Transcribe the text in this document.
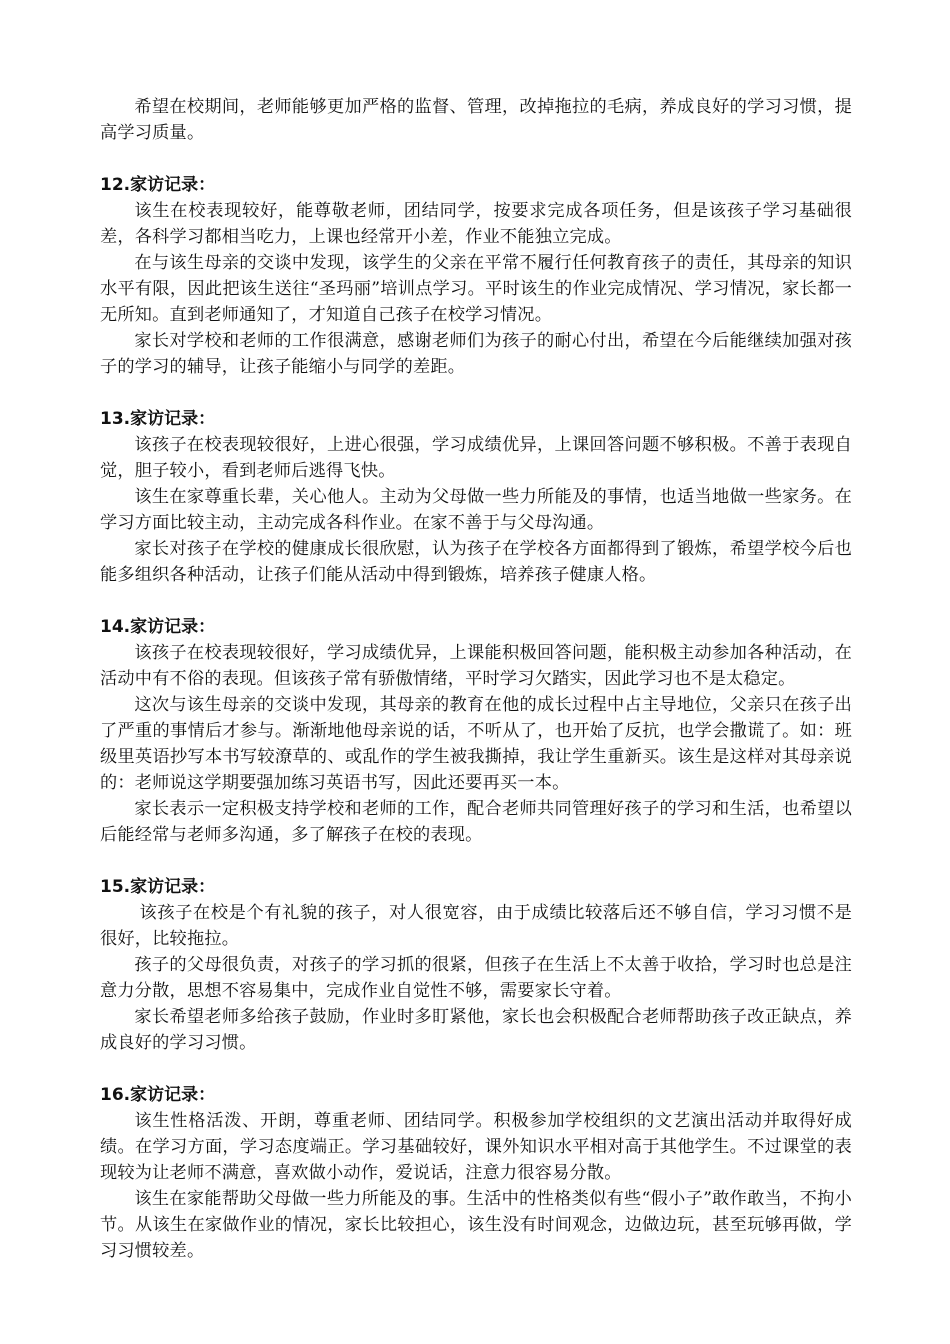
希望在校期间，老师能够更加严格的监督、管理，改掉拖拉的毛病，养成良好的学习习惯，提高学习质量。

12.家访记录：

该生在校表现较好，能尊敬老师，团结同学，按要求完成各项任务，但是该孩子学习基础很差，各科学习都相当吃力，上课也经常开小差，作业不能独立完成。

在与该生母亲的交谈中发现，该学生的父亲在平常不履行任何教育孩子的责任，其母亲的知识水平有限，因此把该生送往“圣玛丽”培训点学习。平时该生的作业完成情况、学习情况，家长都一无所知。直到老师通知了，才知道自己孩子在校学习情况。

家长对学校和老师的工作很满意，感谢老师们为孩子的耐心付出，希望在今后能继续加强对孩子的学习的辅导，让孩子能缩小与同学的差距。

13.家访记录：

该孩子在校表现较很好，上进心很强，学习成绩优异，上课回答问题不够积极。不善于表现自觉，胆子较小，看到老师后逃得飞快。

该生在家尊重长辈，关心他人。主动为父母做一些力所能及的事情，也适当地做一些家务。在学习方面比较主动，主动完成各科作业。在家不善于与父母沟通。

家长对孩子在学校的健康成长很欣慰，认为孩子在学校各方面都得到了锻炼，希望学校今后也能多组织各种活动，让孩子们能从活动中得到锻炼，培养孩子健康人格。

14.家访记录：

该孩子在校表现较很好，学习成绩优异，上课能积极回答问题，能积极主动参加各种活动，在活动中有不俗的表现。但该孩子常有骄傲情绪，平时学习欠踏实，因此学习也不是太稳定。

这次与该生母亲的交谈中发现，其母亲的教育在他的成长过程中占主导地位，父亲只在孩子出了严重的事情后才参与。渐渐地他母亲说的话，不听从了，也开始了反抗，也学会撒谎了。如：班级里英语抄写本书写较潦草的、或乱作的学生被我撕掉，我让学生重新买。该生是这样对其母亲说的：老师说这学期要强加练习英语书写，因此还要再买一本。

家长表示一定积极支持学校和老师的工作，配合老师共同管理好孩子的学习和生活，也希望以后能经常与老师多沟通，多了解孩子在校的表现。

15.家访记录：

该孩子在校是个有礼貌的孩子，对人很宽容，由于成绩比较落后还不够自信，学习习惯不是很好，比较拖拉。

孩子的父母很负责，对孩子的学习抓的很紧，但孩子在生活上不太善于收拾，学习时也总是注意力分散，思想不容易集中，完成作业自觉性不够，需要家长守着。

家长希望老师多给孩子鼓励，作业时多盯紧他，家长也会积极配合老师帮助孩子改正缺点，养成良好的学习习惯。

16.家访记录：

该生性格活泼、开朗，尊重老师、团结同学。积极参加学校组织的文艺演出活动并取得好成绩。在学习方面，学习态度端正。学习基础较好，课外知识水平相对高于其他学生。不过课堂的表现较为让老师不满意，喜欢做小动作，爱说话，注意力很容易分散。

该生在家能帮助父母做一些力所能及的事。生活中的性格类似有些“假小子”敢作敢当，不拘小节。从该生在家做作业的情况，家长比较担心，该生没有时间观念，边做边玩，甚至玩够再做，学习习惯较差。
